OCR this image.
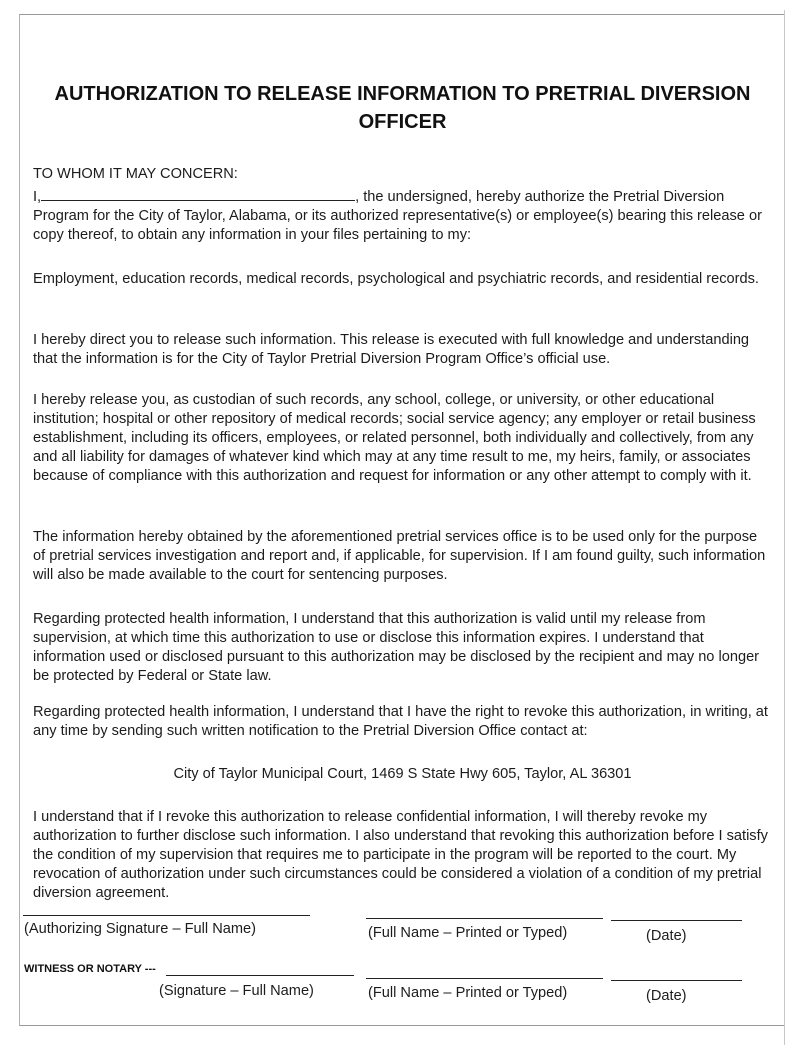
AUTHORIZATION TO RELEASE INFORMATION TO PRETRIAL DIVERSION OFFICER
TO WHOM IT MAY CONCERN:
I,	, the undersigned, hereby authorize the Pretrial Diversion Program for the City of Taylor, Alabama, or its authorized representative(s) or employee(s) bearing this release or copy thereof, to obtain any information in your files pertaining to my:
Employment, education records, medical records, psychological and psychiatric records, and residential records.
I hereby direct you to release such information. This release is executed with full knowledge and understanding that the information is for the City of Taylor Pretrial Diversion Program Office’s official use.
I hereby release you, as custodian of such records, any school, college, or university, or other educational institution; hospital or other repository of medical records; social service agency; any employer or retail business establishment, including its officers, employees, or related personnel, both individually and collectively, from any and all liability for damages of whatever kind which may at any time result to me, my heirs, family, or associates because of compliance with this authorization and request for information or any other attempt to comply with it.
The information hereby obtained by the aforementioned pretrial services office is to be used only for the purpose of pretrial services investigation and report and, if applicable, for supervision. If I am found guilty, such information will also be made available to the court for sentencing purposes.
Regarding protected health information, I understand that this authorization is valid until my release from supervision, at which time this authorization to use or disclose this information expires. I understand that information used or disclosed pursuant to this authorization may be disclosed by the recipient and may no longer be protected by Federal or State law.
Regarding protected health information, I understand that I have the right to revoke this authorization, in writing, at any time by sending such written notification to the Pretrial Diversion Office contact at:
City of Taylor Municipal Court, 1469 S State Hwy 605, Taylor, AL 36301
I understand that if I revoke this authorization to release confidential information, I will thereby revoke my authorization to further disclose such information. I also understand that revoking this authorization before I satisfy the condition of my supervision that requires me to participate in the program will be reported to the court. My revocation of authorization under such circumstances could be considered a violation of a condition of my pretrial diversion agreement.
(Authorizing Signature – Full Name)	(Full Name – Printed or Typed)	(Date)
WITNESS OR NOTARY ---
(Signature – Full Name)	(Full Name – Printed or Typed)	(Date)
